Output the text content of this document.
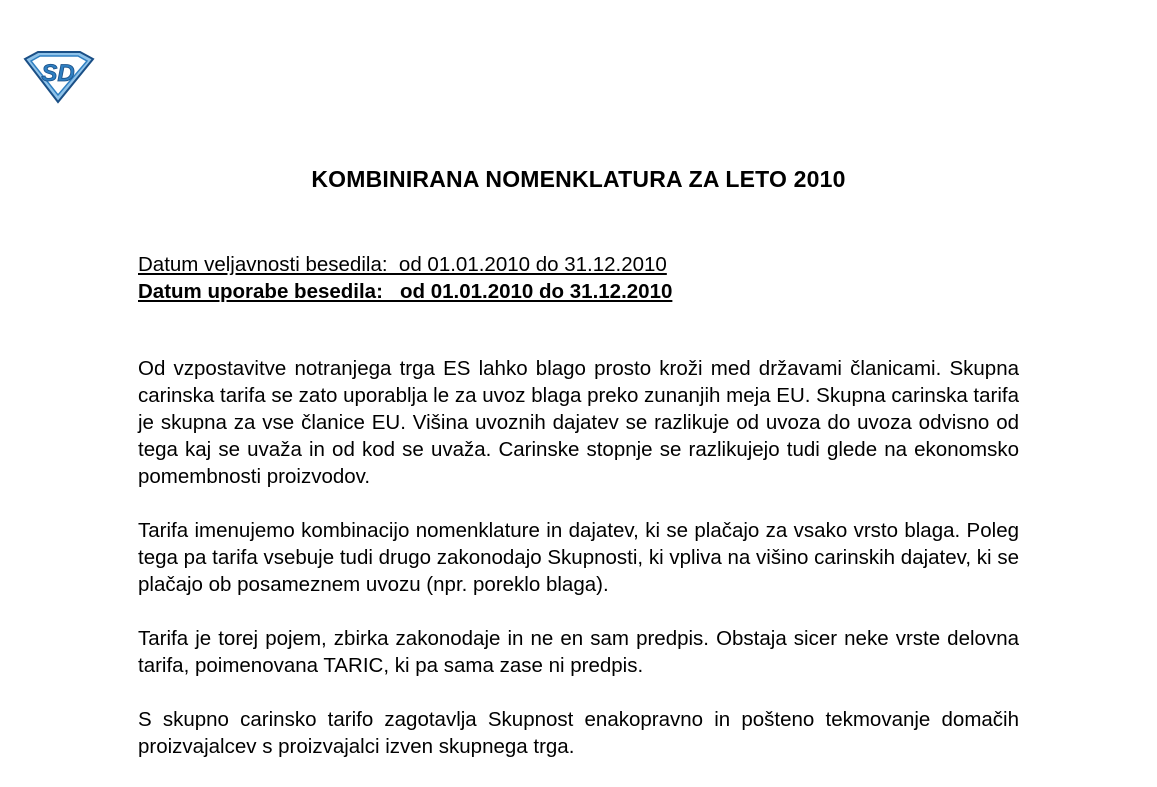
SD
KOMBINIRANA NOMENKLATURA ZA LETO 2010
Datum veljavnosti besedila:  od 01.01.2010 do 31.12.2010
Datum uporabe besedila:   od 01.01.2010 do 31.12.2010

Od vzpostavitve notranjega trga ES lahko blago prosto kroži med državami članicami. Skupna carinska tarifa se zato uporablja le za uvoz blaga preko zunanjih meja EU. Skupna carinska tarifa je skupna za vse članice EU. Višina uvoznih dajatev se razlikuje od uvoza do uvoza odvisno od tega kaj se uvaža in od kod se uvaža. Carinske stopnje se razlikujejo tudi glede na ekonomsko pomembnosti proizvodov.

Tarifa imenujemo kombinacijo nomenklature in dajatev, ki se plačajo za vsako vrsto blaga. Poleg tega pa tarifa vsebuje tudi drugo zakonodajo Skupnosti, ki vpliva na višino carinskih dajatev, ki se plačajo ob posameznem uvozu (npr. poreklo blaga).

Tarifa je torej pojem, zbirka zakonodaje in ne en sam predpis. Obstaja sicer neke vrste delovna tarifa, poimenovana TARIC, ki pa sama zase ni predpis.

S skupno carinsko tarifo zagotavlja Skupnost enakopravno in pošteno tekmovanje domačih proizvajalcev s proizvajalci izven skupnega trga.
